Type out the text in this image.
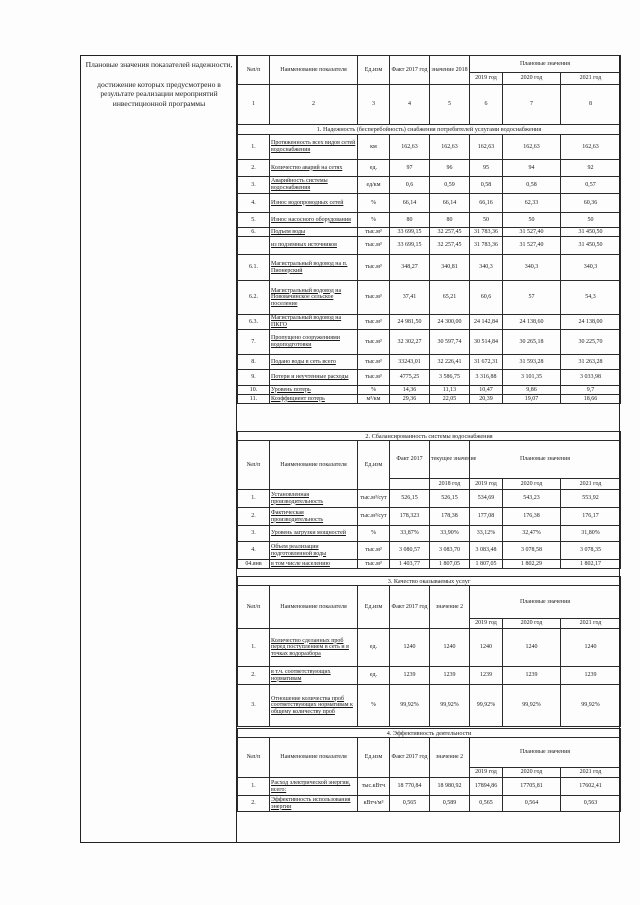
Плановые значения показателей надежности,

достижение которых предусмотрено в результате реализации мероприятий инвестиционной программы

№п/п	Наименование показателя	Ед.изм	Факт 2017 год	значение 2018	Плановые значения		
					2019 год	2020 год	2021 год
1	2	3	4	5	6	7	8
1. Надежность (бесперебойность) снабжения потребителей услугами водоснабжения							
1.	Протяженность всех видов сетей водоснабжения	км	162,63	162,63	162,63	162,63	162,63
2.	Количество аварий на сетях	ед.	97	96	95	94	92
3.	Аварийность системы водоснабжения	ед/км	0,6	0,59	0,58	0,58	0,57
4.	Износ водопроводных сетей	%	66,14	66,14	66,16	62,33	60,36
5.	Износ насосного оборудования	%	80	80	50	50	50
6.	Подъем воды	тыс.м³	33 699,15	32 257,45	31 783,36	31 527,40	31 450,50
	из подземных источников	тыс.м³	33 699,15	32 257,45	31 783,36	31 527,40	31 450,50
6.1.	Магистральный водовод на п. Пионерский	тыс.м³	348,27	340,81	340,3	340,3	340,3
6.2.	Магистральный водовод на Нововачинское сельское поселение	тыс.м³	37,41	65,21	60,6	57	54,3
6.3.	Магистральный водовод на ПКГО	тыс.м³	24 981,50	24 300,00	24 142,84	24 138,60	24 138,00
7.	Пропущено сооружениями водоподготовки	тыс.м³	32 302,27	30 597,74	30 514,84	30 265,18	30 225,70
8.	Подано воды в сеть всего	тыс.м³	33243,01	32 226,41	31 672,31	31 593,28	31 263,28
9.	Потери и неучтенные расходы	тыс.м³	4775,25	3 586,75	3 316,88	3 101,35	3 033,98
10.	Уровень потерь	%	14,36	11,13	10,47	9,86	9,7
11.	Коэффициент потерь	м³/км	29,36	22,05	20,39	19,07	18,66
2. Сбалансированность системы водоснабжения							
№п/п	Наименование показателя	Ед.изм	Факт 2017	текущее значение	Плановые значения		
				2018 год	2019 год	2020 год	2021 год
1.	Установленная производительность	тыс.м³/сут	526,15	526,15	534,69	543,23	553,92
2.	Фактическая производительность	тыс.м³/сут	178,323	178,38	177,08	176,38	176,17
3.	Уровень загрузки мощностей	%	33,87%	33,90%	33,12%	32,47%	31,80%
4.	Объем реализации подготовленной воды	тыс.м³	3 080,57	3 083,70	3 083,48	3 078,58	3 078,35
04.янв	в том числе населению	тыс.м³	1 403,77	1 807,05	1 807,05	1 802,29	1 802,17
3. Качество оказываемых услуг							
№п/п	Наименование показателя	Ед.изм	Факт 2017 год	значение 2	Плановые значения		
					2019 год	2020 год	2021 год
1.	Количество сделанных проб перед поступлением в сеть и в точках водоразбора	ед.	1240	1240	1240	1240	1240
2.	в т.ч. соответствующих нормативам	ед.	1239	1239	1239	1239	1239
3.	Отношение количества проб соответствующих нормативам к общему количеству проб	%	99,92%	99,92%	99,92%	99,92%	99,92%
4. Эффективность деятельности							
№п/п	Наименование показателя	Ед.изм	Факт 2017 год	значение 2	Плановые значения		
					2019 год	2020 год	2021 год
1.	Расход электрической энергии, всего:	тыс.кВтч	18 770,84	18 980,92	17894,86	17705,81	17602,41
2.	Эффективность использования энергии	кВтч/м³	0,565	0,589	0,565	0,564	0,563
